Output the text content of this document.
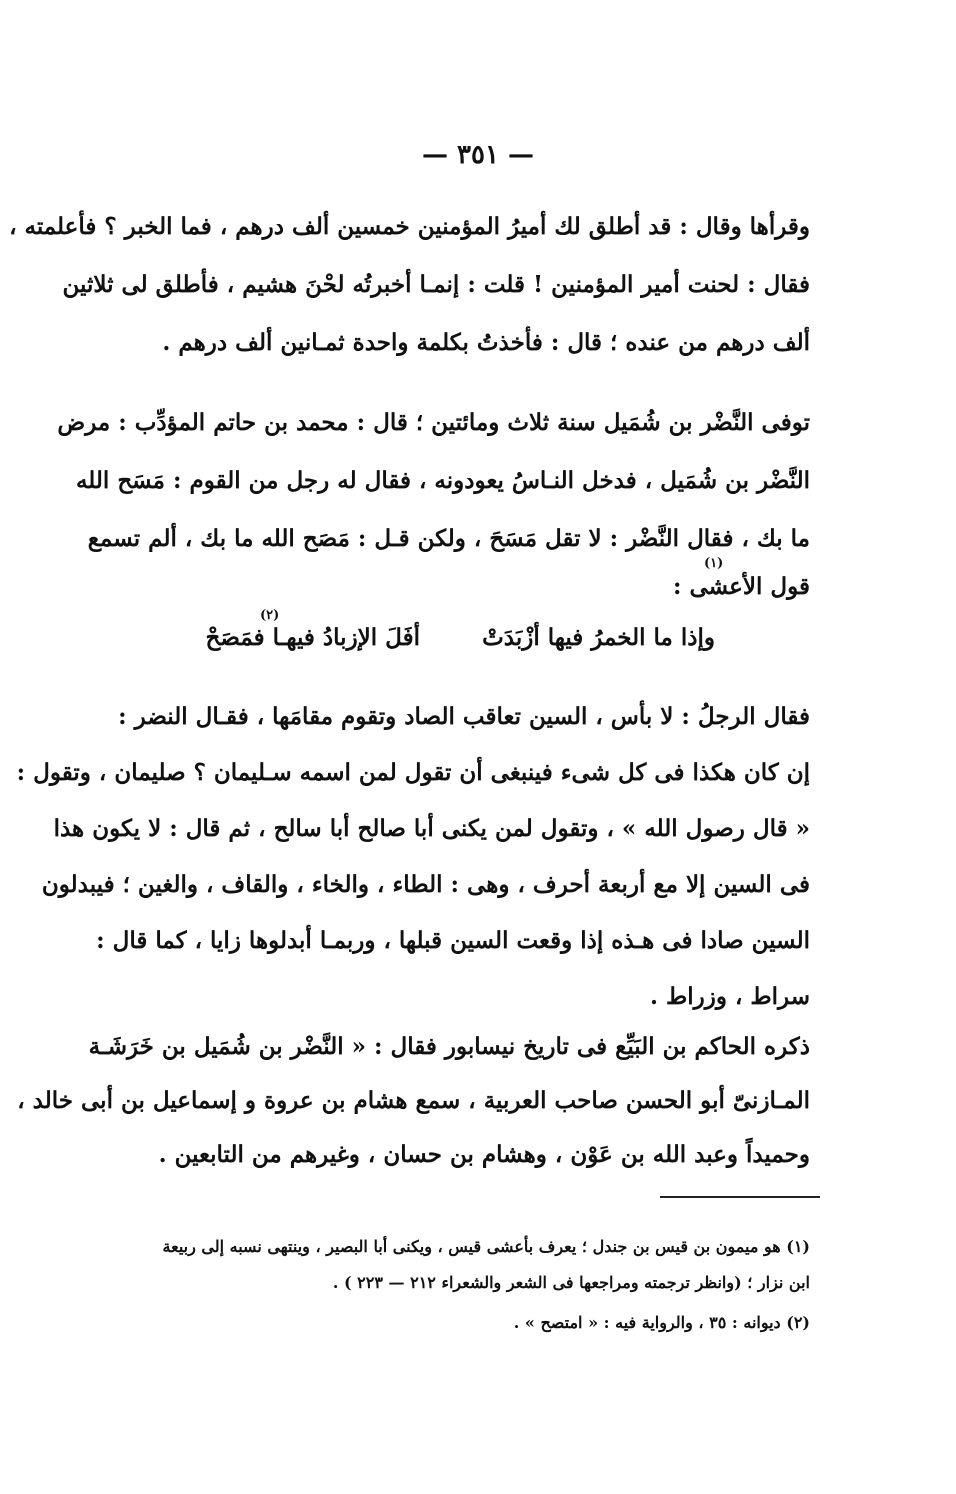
— ٣٥١ —
وقرأها وقال : قد أطلق لك أميرُ المؤمنين خمسين ألف درهم ، فما الخبر ؟ فأعلمته ،
فقال : لحنت أمير المؤمنين ! قلت : إنمـا أخبرتُه لحْنَ هشيم ، فأطلق لى ثلاثين
ألف درهم من عنده ؛ قال : فأخذتُ بكلمة واحدة ثمـانين ألف درهم .
توفى النَّضْر بن شُمَيل سنة ثلاث ومائتين ؛ قال : محمد بن حاتم المؤدِّب : مرض
النَّضْر بن شُمَيل ، فدخل النـاسُ يعودونه ، فقال له رجل من القوم : مَسَح الله
ما بك ، فقال النَّضْر : لا تقل مَسَحَ ، ولكن قـل : مَصَح الله ما بك ، ألم تسمع
قول الأعشى :
(١)
وإذا ما الخمرُ فيها أزْبَدَتْ
أفَلَ الإزبادُ فيهـا فمَصَحْ
(٢)
فقال الرجلُ : لا بأس ، السين تعاقب الصاد وتقوم مقامَها ، فقـال النضر :
إن كان هكذا فى كل شىء فينبغى أن تقول لمن اسمه سـليمان ؟ صليمان ، وتقول :
« قال رصول الله » ، وتقول لمن يكنى أبا صالح أبا سالح ، ثم قال : لا يكون هذا
فى السين إلا مع أربعة أحرف ، وهى : الطاء ، والخاء ، والقاف ، والغين ؛ فيبدلون
السين صادا فى هـذه إذا وقعت السين قبلها ، وربمـا أبدلوها زايا ، كما قال :
سراط ، وزراط .
ذكره الحاكم بن البَيِّع فى تاريخ نيسابور فقال : « النَّضْر بن شُمَيل بن خَرَشَـة
المـازنىّ أبو الحسن صاحب العربية ، سمع هشام بن عروة و إسماعيل بن أبى خالد ،
وحميداً وعبد الله بن عَوْن ، وهشام بن حسان ، وغيرهم من التابعين .
(١) هو ميمون بن قيس بن جندل ؛ يعرف بأعشى قيس ، ويكنى أبا البصير ، وينتهى نسبه إلى ربيعة
ابن نزار ؛ (وانظر ترجمته ومراجعها فى الشعر والشعراء ٢١٢ — ٢٢٣ ) .
(٢) ديوانه : ٣٥ ، والرواية فيه : « امتصح » .
